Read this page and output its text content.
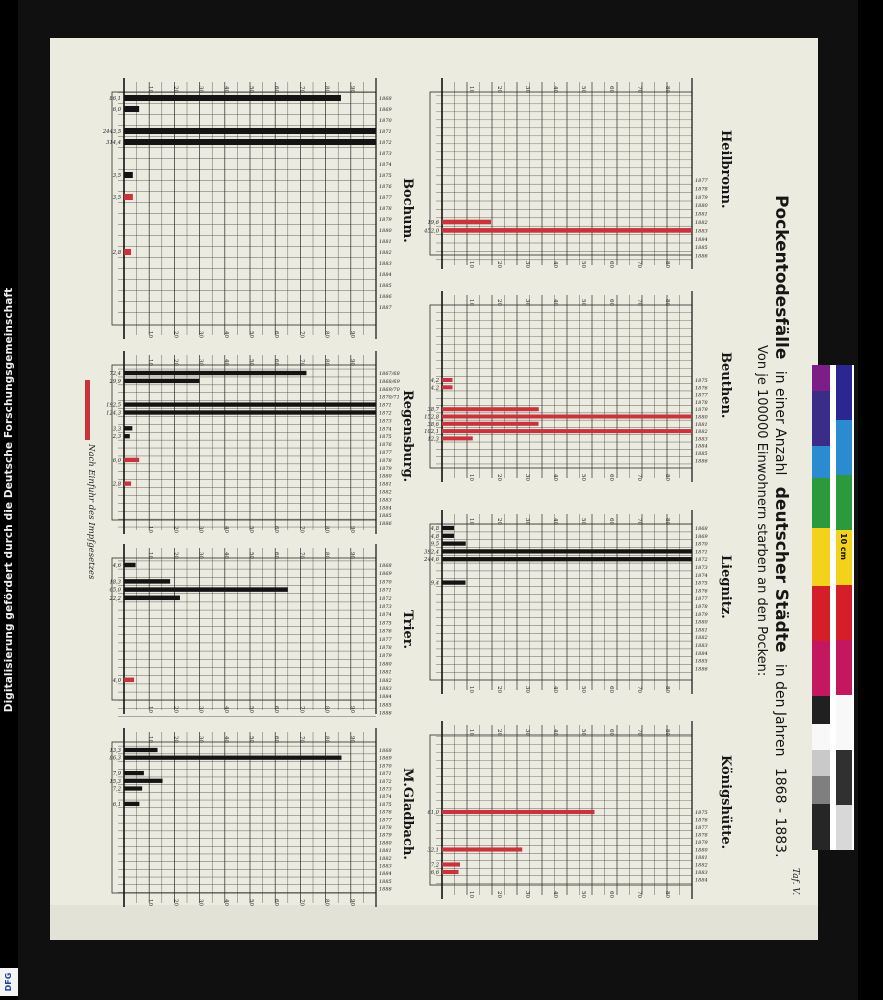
Digitalisierung gefördert durch die Deutsche Forschungsgemeinschaft
DFG
10
10
20
20
30
30
40
40
50
50
60
60
70
70
80
80
1877
1878
1879
1880
1881
19,6	1882
452,0	1883
1884
1885
1886
Heilbronn.
10
10
20
20
30
30
40
40
50
50
60
60
70
70
80
80
4,2	1875
4,2	1876
1877
1878
38,7	1879
152,8	1880
38,6	1881
102,1	1882
12,3	1883
1884
1885
1886
Beuthen.
10
10
20
20
30
30
40
40
50
50
60
60
70
70
80
80
4,8	1868
4,8	1869
9,5	1870
392,4	1871
244,6	1872
1873
1874
9,4	1875
1876
1877
1878
1879
1880
1881
1882
1883
1884
1885
1886
Liegnitz.
10
10
20
20
30
30
40
40
50
50
60
60
70
70
80
80
61,0	1875
1876
1877
1878
1879
32,1	1880
1881
7,2	1882
6,6	1883
1884
Königshütte.
10
10
20
20
30
30
40
40
50
50
60
60
70
70
80
80
90
90
86,1	1868
6,0	1869
1870
2443,5	1871
314,4	1872
1873
1874
3,5	1875
1876
3,5	1877
1878
1879
1880
1881
2,8	1882
1883
1884
1885
1886
1887
Bochum.
10
10
20
20
30
30
40
40
50
50
60
60
70
70
80
80
90
90
72,4	1867/68
29,9	1868/69
1869/70
1870/71
192,5	1871
124,3	1872
1873
3,3	1874
2,3	1875
1876
1877
6,0	1878
1879
1880
2,8	1881
1882
1883
1884
1885
1886
Regensburg.
10
10
20
20
30
30
40
40
50
50
60
60
70
70
80
80
90
90
4,6	1868
1869
18,3	1870
65,0	1871
22,2	1872
1873
1874
1875
1876
1877
1878
1879
1880
1881
4,0	1882
1883
1884
1885
1886
Trier.
10
10
20
20
30
30
40
40
50
50
60
60
70
70
80
80
90
90
13,3	1868
86,3	1869
1870
7,9	1871
15,3	1872
7,2	1873
1874
6,1	1875
1876
1877
1878
1879
1880
1881
1882
1883
1884
1885
1886
M.Gladbach.
Pockentodesfälle in einer Anzahl deutscher Städte in den Jahren 1868 - 1883.
Von je 100000 Einwohnern starben an den Pocken:
Nach Einfuhr des Impfgesetzes
Taf. V.
10 cm
